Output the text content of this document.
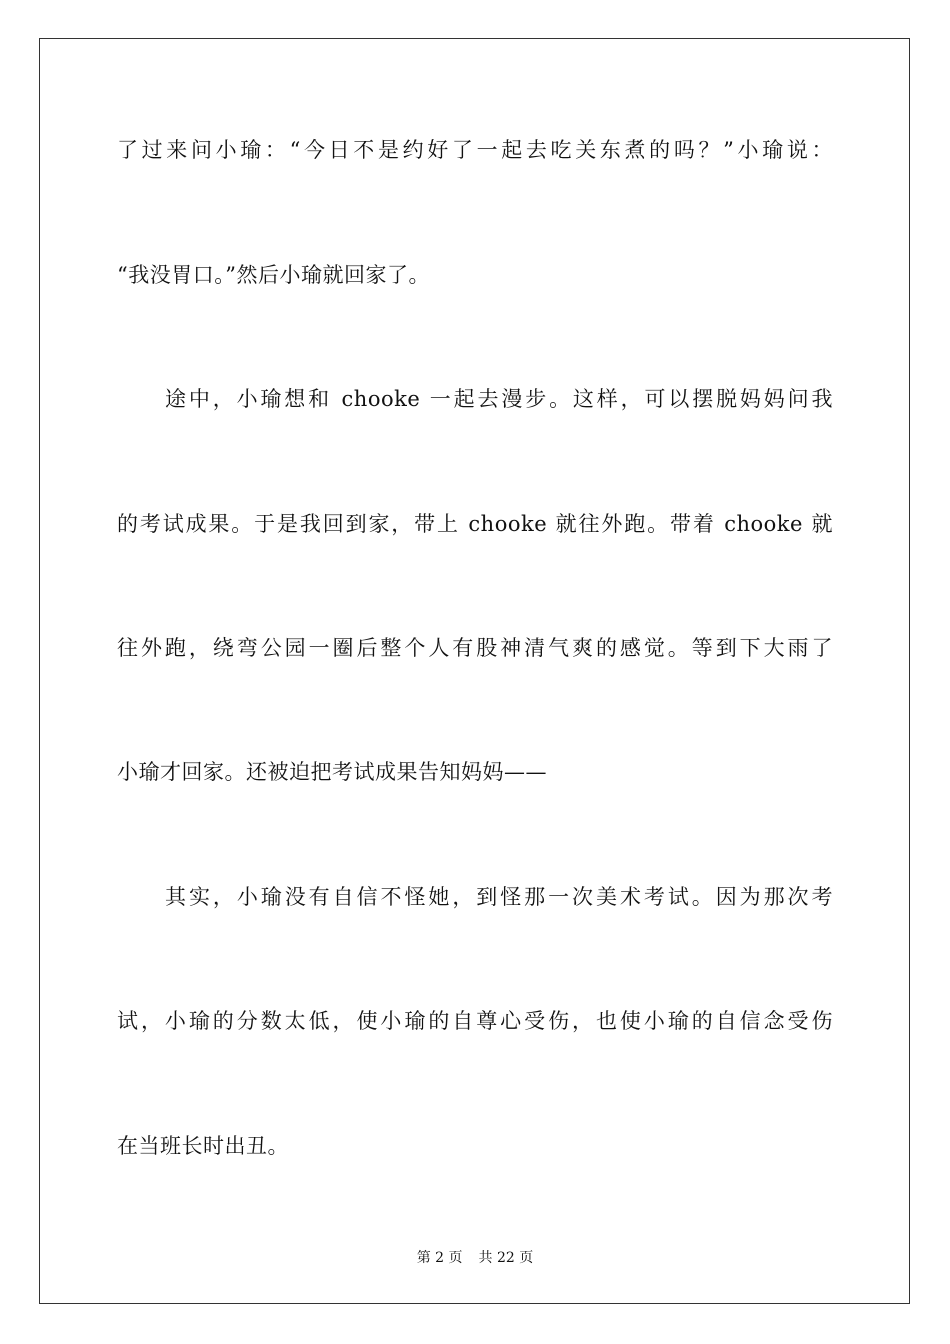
了过来问小瑜：“今日不是约好了一起去吃关东煮的吗？”小瑜说：
“我没胃口。”然后小瑜就回家了。
途中，小瑜想和 chooke 一起去漫步。这样，可以摆脱妈妈问我
的考试成果。于是我回到家，带上 chooke 就往外跑。带着 chooke 就
往外跑，绕弯公园一圈后整个人有股神清气爽的感觉。等到下大雨了
小瑜才回家。还被迫把考试成果告知妈妈——
其实，小瑜没有自信不怪她，到怪那一次美术考试。因为那次考
试，小瑜的分数太低，使小瑜的自尊心受伤，也使小瑜的自信念受伤
在当班长时出丑。
第 2 页 共 22 页
